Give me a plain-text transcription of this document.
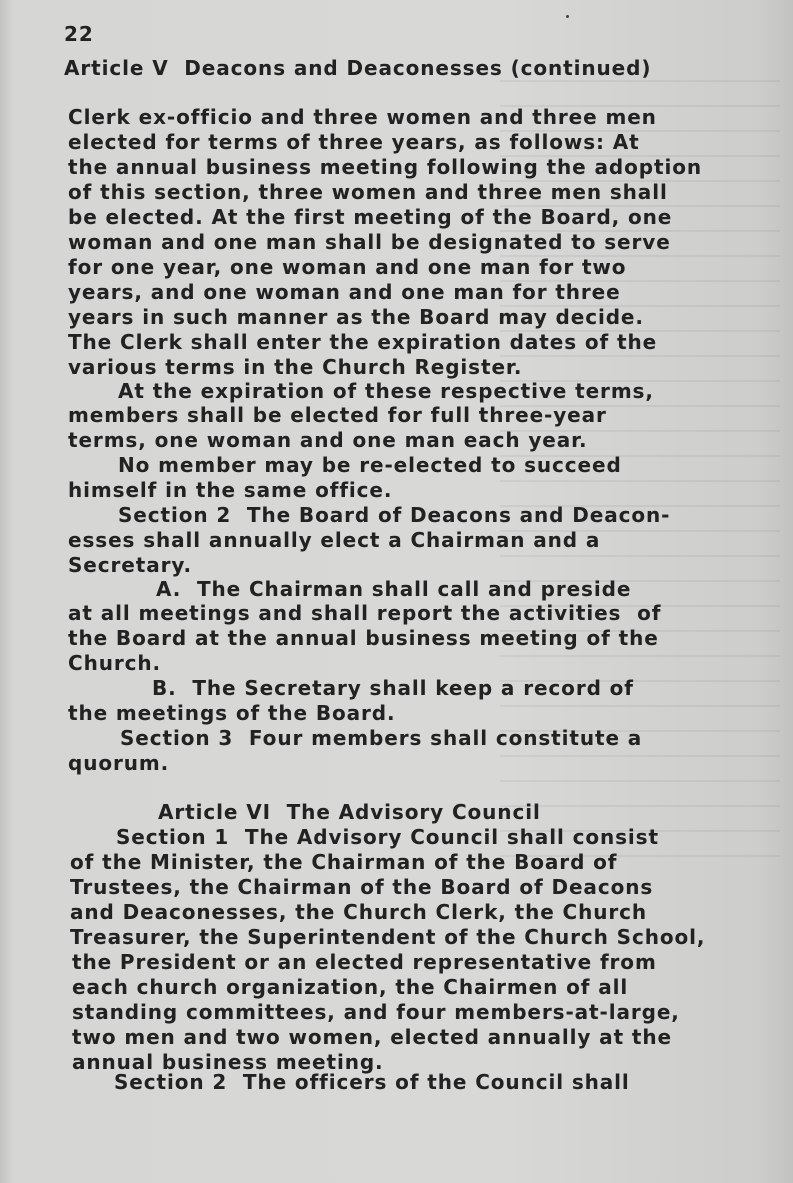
22
Article V  Deacons and Deaconesses (continued)
Clerk ex-officio and three women and three men
elected for terms of three years, as follows: At
the annual business meeting following the adoption
of this section, three women and three men shall
be elected. At the first meeting of the Board, one
woman and one man shall be designated to serve
for one year, one woman and one man for two
years, and one woman and one man for three
years in such manner as the Board may decide.
The Clerk shall enter the expiration dates of the
various terms in the Church Register.
At the expiration of these respective terms,
members shall be elected for full three-year
terms, one woman and one man each year.
No member may be re-elected to succeed
himself in the same office.
Section 2  The Board of Deacons and Deacon-
esses shall annually elect a Chairman and a
Secretary.
A.  The Chairman shall call and preside
at all meetings and shall report the activities  of
the Board at the annual business meeting of the
Church.
B.  The Secretary shall keep a record of
the meetings of the Board.
Section 3  Four members shall constitute a
quorum.
Article VI  The Advisory Council
Section 1  The Advisory Council shall consist
of the Minister, the Chairman of the Board of
Trustees, the Chairman of the Board of Deacons
and Deaconesses, the Church Clerk, the Church
Treasurer, the Superintendent of the Church School,
the President or an elected representative from
each church organization, the Chairmen of all
standing committees, and four members-at-large,
two men and two women, elected annually at the
annual business meeting.
Section 2  The officers of the Council shall
